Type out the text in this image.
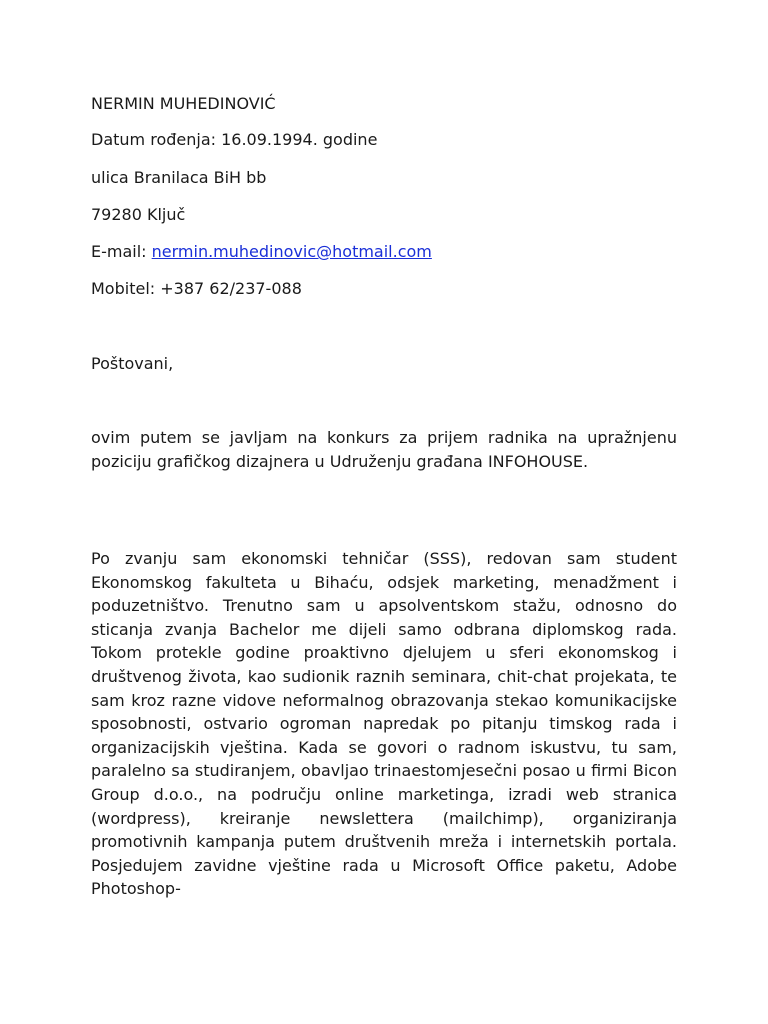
NERMIN MUHEDINOVIĆ

Datum rođenja: 16.09.1994. godine

ulica Branilaca BiH bb

79280 Ključ

E-mail: nermin.muhedinovic@hotmail.com

Mobitel: +387 62/237-088

Poštovani,

ovim putem se javljam na konkurs za prijem radnika na upražnjenu poziciju grafičkog dizajnera u Udruženju građana INFOHOUSE.

Po zvanju sam ekonomski tehničar (SSS), redovan sam student Ekonomskog fakulteta u Bihaću, odsjek marketing, menadžment i poduzetništvo. Trenutno sam u apsolventskom stažu, odnosno do sticanja zvanja Bachelor me dijeli samo odbrana diplomskog rada. Tokom protekle godine proaktivno djelujem u sferi ekonomskog i društvenog života, kao sudionik raznih seminara, chit-chat projekata, te sam kroz razne vidove neformalnog obrazovanja stekao komunikacijske sposobnosti, ostvario ogroman napredak po pitanju timskog rada i organizacijskih vještina. Kada se govori o radnom iskustvu, tu sam, paralelno sa studiranjem, obavljao trinaestomjesečni posao u firmi Bicon Group d.o.o., na području online marketinga, izradi web stranica (wordpress), kreiranje newslettera (mailchimp), organiziranja promotivnih kampanja putem društvenih mreža i internetskih portala. Posjedujem zavidne vještine rada u Microsoft Office paketu, Adobe Photoshop-
